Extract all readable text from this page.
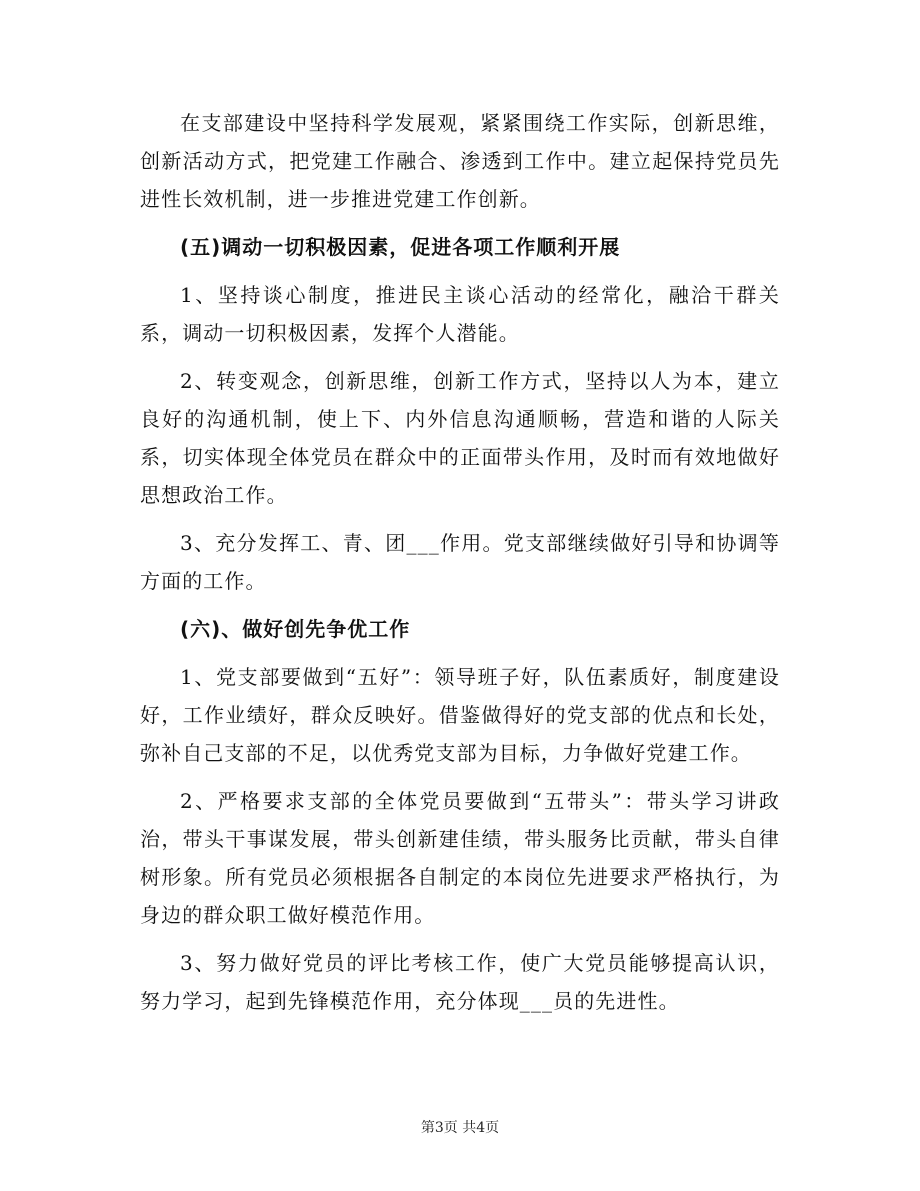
在支部建设中坚持科学发展观，紧紧围绕工作实际，创新思维，创新活动方式，把党建工作融合、渗透到工作中。建立起保持党员先进性长效机制，进一步推进党建工作创新。

(五)调动一切积极因素，促进各项工作顺利开展

1、坚持谈心制度，推进民主谈心活动的经常化，融洽干群关系，调动一切积极因素，发挥个人潜能。

2、转变观念，创新思维，创新工作方式，坚持以人为本，建立良好的沟通机制，使上下、内外信息沟通顺畅，营造和谐的人际关系，切实体现全体党员在群众中的正面带头作用，及时而有效地做好思想政治工作。

3、充分发挥工、青、团___作用。党支部继续做好引导和协调等方面的工作。

(六)、做好创先争优工作

1、党支部要做到“五好”：领导班子好，队伍素质好，制度建设好，工作业绩好，群众反映好。借鉴做得好的党支部的优点和长处，弥补自己支部的不足，以优秀党支部为目标，力争做好党建工作。

2、严格要求支部的全体党员要做到“五带头”：带头学习讲政治，带头干事谋发展，带头创新建佳绩，带头服务比贡献，带头自律树形象。所有党员必须根据各自制定的本岗位先进要求严格执行，为身边的群众职工做好模范作用。

3、努力做好党员的评比考核工作，使广大党员能够提高认识，努力学习，起到先锋模范作用，充分体现___员的先进性。

第3页 共4页
